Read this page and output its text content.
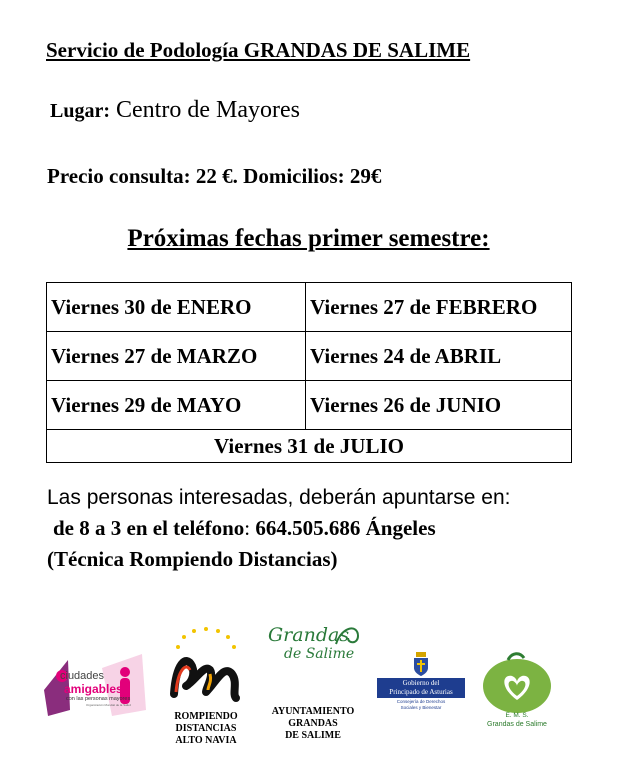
Servicio de Podología GRANDAS DE SALIME
Lugar: Centro de Mayores
Precio consulta: 22 €. Domicilios: 29€
Próximas fechas primer semestre:
Viernes 30 de ENERO	Viernes 27 de FEBRERO
Viernes 27 de MARZO	Viernes 24 de ABRIL
Viernes 29 de MAYO	Viernes 26 de JUNIO
Viernes 31 de JULIO	
Las personas interesadas, deberán apuntarse en:
de 8 a 3 en el teléfono: 664.505.686 Ángeles
(Técnica Rompiendo Distancias)
ciudades
amigables
con las personas mayores
Organización Mundial de la Salud
ROMPIENDO
DISTANCIAS
ALTO NAVIA
Grandas
de Salime
AYUNTAMIENTO
GRANDAS
DE SALIME
Gobierno del
Principado de Asturias
Consejería de Derechos
Sociales y Bienestar
E. M. S.
Grandas de Salime
